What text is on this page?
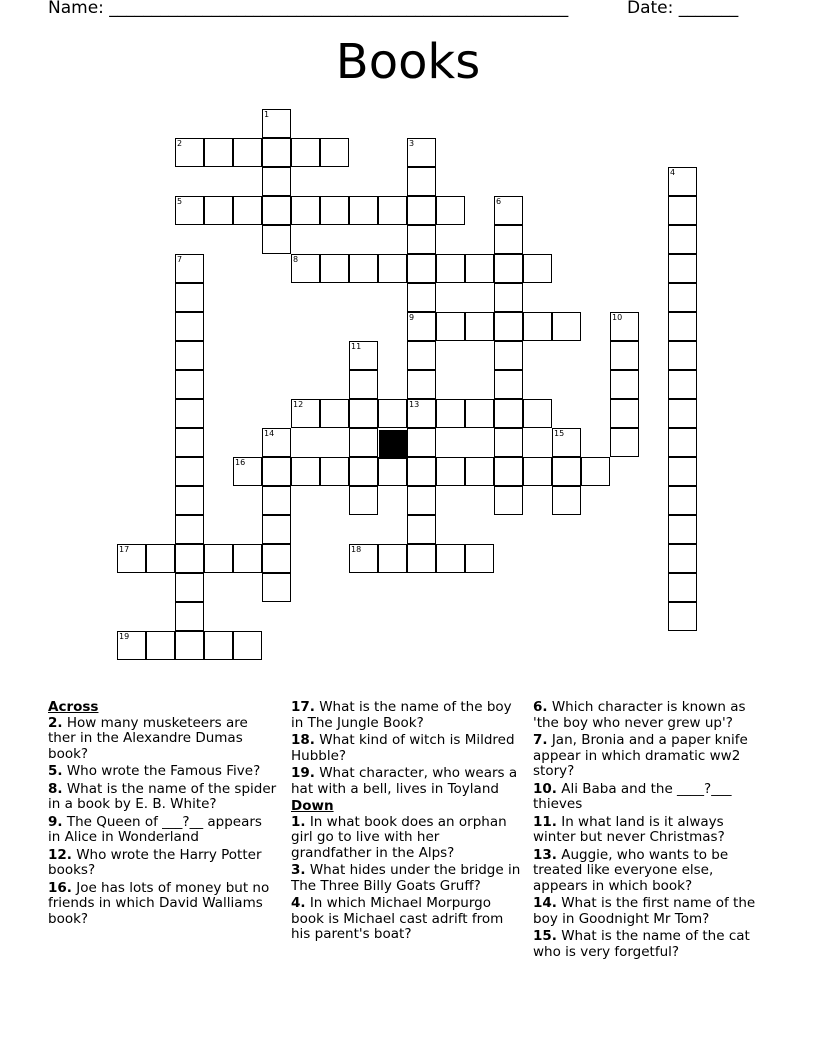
Name: ______________________________________________________	Date: _______
Books
1
2	3
9
13
4
5	6
7	8
10
11
12
14	15
16
17	18
19
Across
2. How many musketeers are ther in the Alexandre Dumas book?
5. Who wrote the Famous Five?
8. What is the name of the spider in a book by E. B. White?
9. The Queen of ___?__ appears in Alice in Wonderland
12. Who wrote the Harry Potter books?
16. Joe has lots of money but no friends in which David Walliams book?
17. What is the name of the boy in The Jungle Book?
18. What kind of witch is Mildred Hubble?
19. What character, who wears a hat with a bell, lives in Toyland
Down
1. In what book does an orphan girl go to live with her grandfather in the Alps?
3. What hides under the bridge in The Three Billy Goats Gruff?
4. In which Michael Morpurgo book is Michael cast adrift from his parent's boat?
6. Which character is known as 'the boy who never grew up'?
7. Jan, Bronia and a paper knife appear in which dramatic ww2 story?
10. Ali Baba and the ____?___ thieves
11. In what land is it always winter but never Christmas?
13. Auggie, who wants to be treated like everyone else, appears in which book?
14. What is the first name of the boy in Goodnight Mr Tom?
15. What is the name of the cat who is very forgetful?
